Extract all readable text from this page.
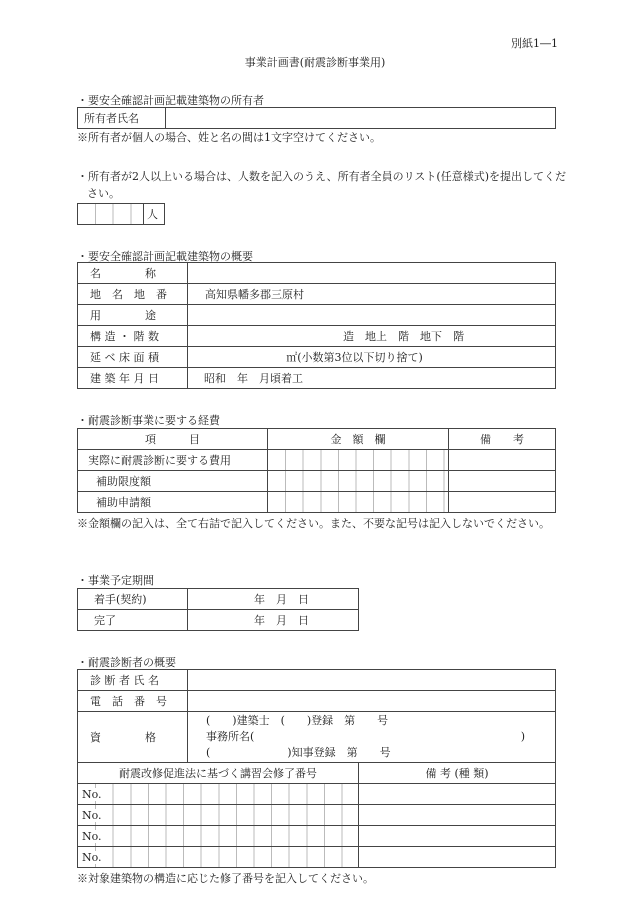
別紙1―1
事業計画書(耐震診断事業用)
・要安全確認計画記載建築物の所有者
所有者氏名	
※所有者が個人の場合、姓と名の間は1文字空けてください。
・所有者が2人以上いる場合は、人数を記入のうえ、所有者全員のリスト(任意様式)を提出してください。
	人
・要安全確認計画記載建築物の概要
名　　　　称	
地　名　地　番	　高知県幡多郡三原村
用　　　　途	
構 造 ・ 階 数	造　地上　階　地下　階
延 ベ 床 面 積	㎡(小数第3位以下切り捨て)
建 築 年 月 日	昭和　年　月頃着工
・耐震診断事業に要する経費
項　　　目	金　額　欄	備　　考
実際に耐震診断に要する費用		
補助限度額		
補助申請額		
※金額欄の記入は、全て右詰で記入してください。また、不要な記号は記入しないでください。
・事業予定期間
着手(契約)	年　月　日
完了	年　月　日
・耐震診断者の概要
診 断 者 氏 名		
電　話　番　号		
資　　　　格	(　　)建築士　(　　)登録　第　　号
事務所名( )
(　　　　　　　)知事登録　第　　号	

耐震改修促進法に基づく講習会修了番号		備 考 (種 類)
No.		
No.		
No.		
No.		
※対象建築物の構造に応じた修了番号を記入してください。
